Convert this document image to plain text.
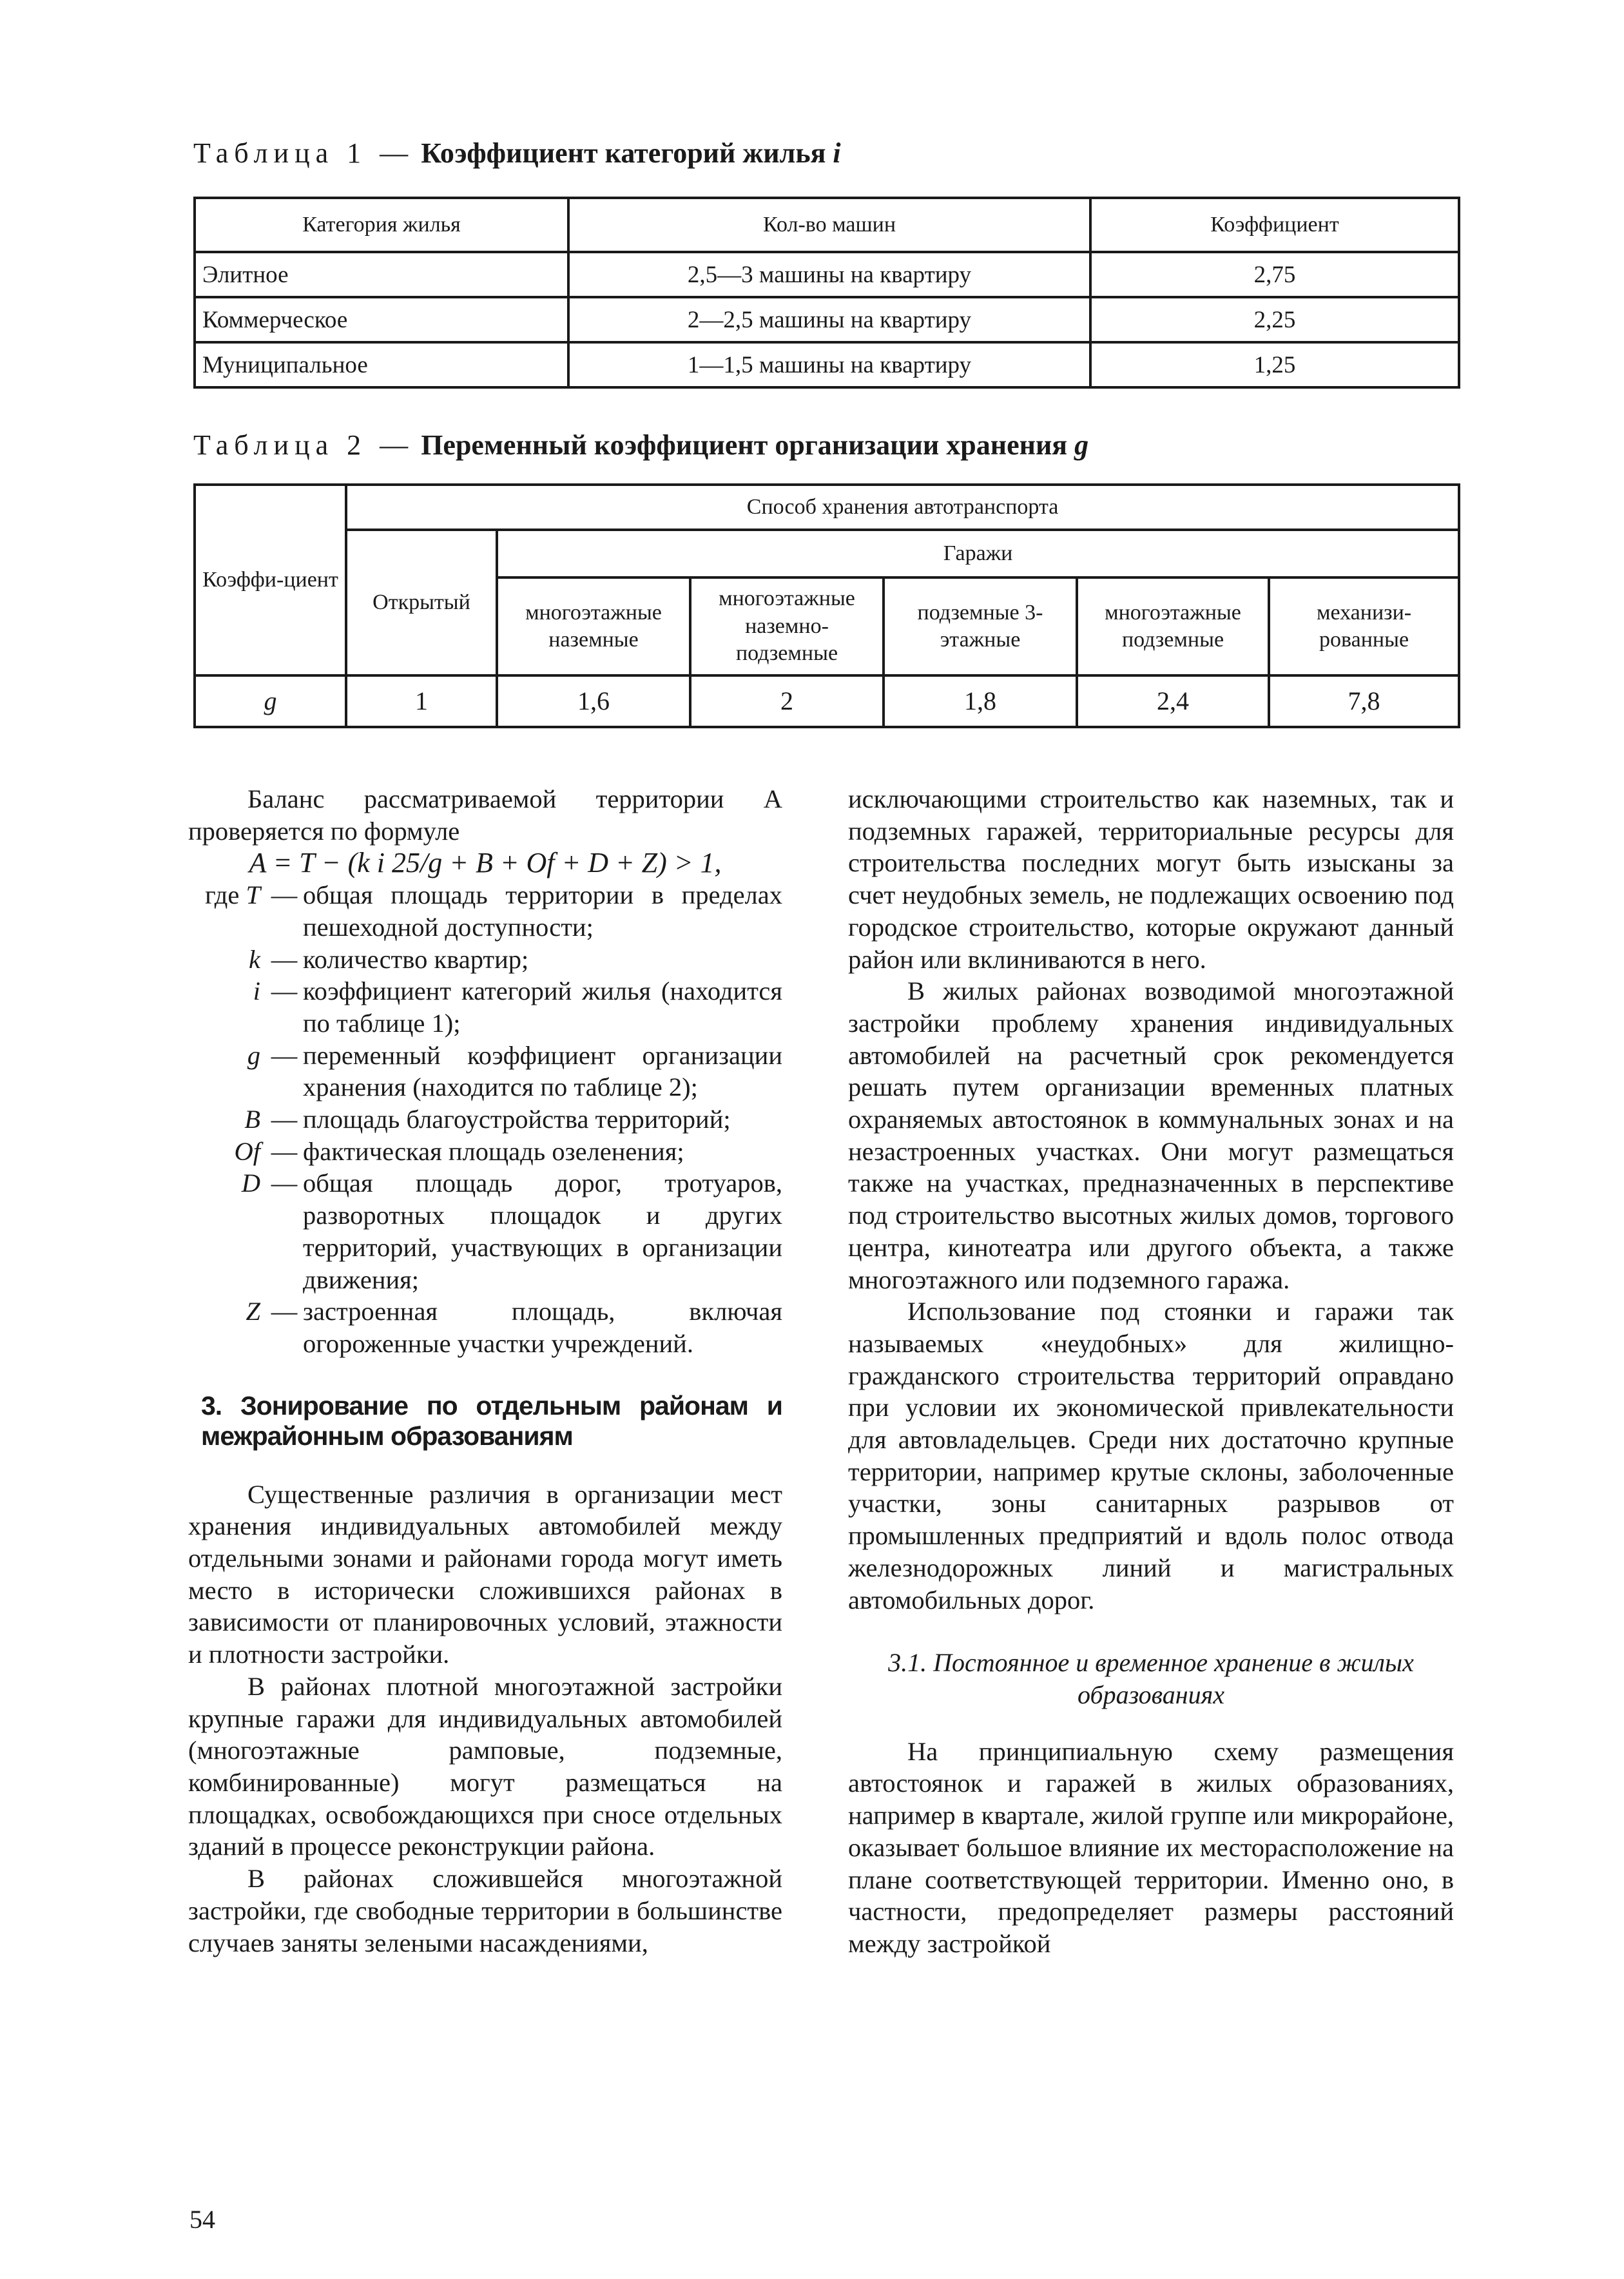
Таблица 1 — Коэффициент категорий жилья i
Категория жилья	Кол-во машин	Коэффициент
Элитное	2,5—3 машины на квартиру	2,75
Коммерческое	2—2,5 машины на квартиру	2,25
Муниципальное	1—1,5 машины на квартиру	1,25
Таблица 2 — Переменный коэффициент организации хранения g
Коэффи-циент	Способ хранения автотранспорта					
	Открытый	Гаражи				
		многоэтажные наземные	многоэтажные наземно-подземные	подземные 3-этажные	многоэтажные подземные	механизи-рованные
g	1	1,6	2	1,8	2,4	7,8

Баланс рассматриваемой территории A проверяется по формуле

A = T − (k i 25/g + B + Of + D + Z) > 1,

где T — общая площадь территории в пределах пешеходной доступности;
k — количество квартир;
i — коэффициент категорий жилья (находится по таблице 1);
g — переменный коэффициент организации хранения (находится по таблице 2);
B — площадь благоустройства территорий;
Of — фактическая площадь озеленения;
D — общая площадь дорог, тротуаров, разворотных площадок и других территорий, участвующих в организации движения;
Z — застроенная площадь, включая огороженные участки учреждений.
3. Зонирование по отдельным районам и межрайонным образованиям

Существенные различия в организации мест хранения индивидуальных автомобилей между отдельными зонами и районами города могут иметь место в исторически сложившихся районах в зависимости от планировочных условий, этажности и плотности застройки.

В районах плотной многоэтажной застройки крупные гаражи для индивидуальных автомобилей (многоэтажные рамповые, подземные, комбинированные) могут размещаться на площадках, освобождающихся при сносе отдельных зданий в процессе реконструкции района.

В районах сложившейся многоэтажной застройки, где свободные территории в большинстве случаев заняты зелеными насаждениями,

исключающими строительство как наземных, так и подземных гаражей, территориальные ресурсы для строительства последних могут быть изысканы за счет неудобных земель, не подлежащих освоению под городское строительство, которые окружают данный район или вклиниваются в него.

В жилых районах возводимой многоэтажной застройки проблему хранения индивидуальных автомобилей на расчетный срок рекомендуется решать путем организации временных платных охраняемых автостоянок в коммунальных зонах и на незастроенных участках. Они могут размещаться также на участках, предназначенных в перспективе под строительство высотных жилых домов, торгового центра, кинотеатра или другого объекта, а также многоэтажного или подземного гаража.

Использование под стоянки и гаражи так называемых «неудобных» для жилищно-гражданского строительства территорий оправдано при условии их экономической привлекательности для автовладельцев. Среди них достаточно крупные территории, например крутые склоны, заболоченные участки, зоны санитарных разрывов от промышленных предприятий и вдоль полос отвода железнодорожных линий и магистральных автомобильных дорог.

3.1. Постоянное и временное хранение в жилых образованиях

На принципиальную схему размещения автостоянок и гаражей в жилых образованиях, например в квартале, жилой группе или микрорайоне, оказывает большое влияние их месторасположение на плане соответствующей территории. Именно оно, в частности, предопределяет размеры расстояний между застройкой

54
